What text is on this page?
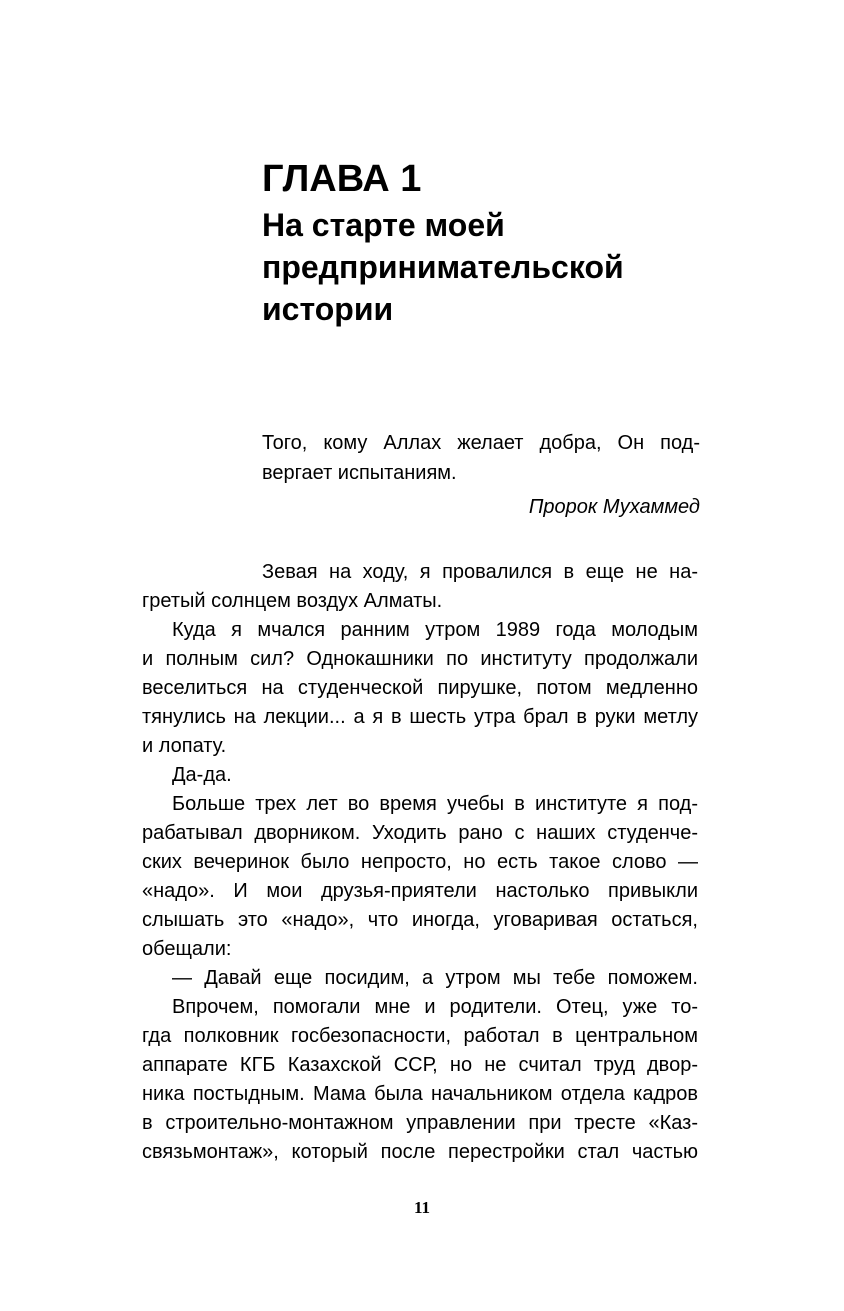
ГЛАВА 1
На старте моей
предпринимательской
истории
Того, кому Аллах желает добра, Он под-
вергает испытаниям.
Пророк Мухаммед
Зевая на ходу, я провалился в еще не на-
гретый солнцем воздух Алматы.
Куда я мчался ранним утром 1989 года молодым
и полным сил? Однокашники по институту продолжали
веселиться на студенческой пирушке, потом медленно
тянулись на лекции... а я в шесть утра брал в руки метлу
и лопату.
Да-да.
Больше трех лет во время учебы в институте я под-
рабатывал дворником. Уходить рано с наших студенче-
ских вечеринок было непросто, но есть такое слово —
«надо». И мои друзья-приятели настолько привыкли
слышать это «надо», что иногда, уговаривая остаться,
обещали:
— Давай еще посидим, а утром мы тебе поможем.
Впрочем, помогали мне и родители. Отец, уже то-
гда полковник госбезопасности, работал в центральном
аппарате КГБ Казахской ССР, но не считал труд двор-
ника постыдным. Мама была начальником отдела кадров
в строительно-монтажном управлении при тресте «Каз-
связьмонтаж», который после перестройки стал частью
11
